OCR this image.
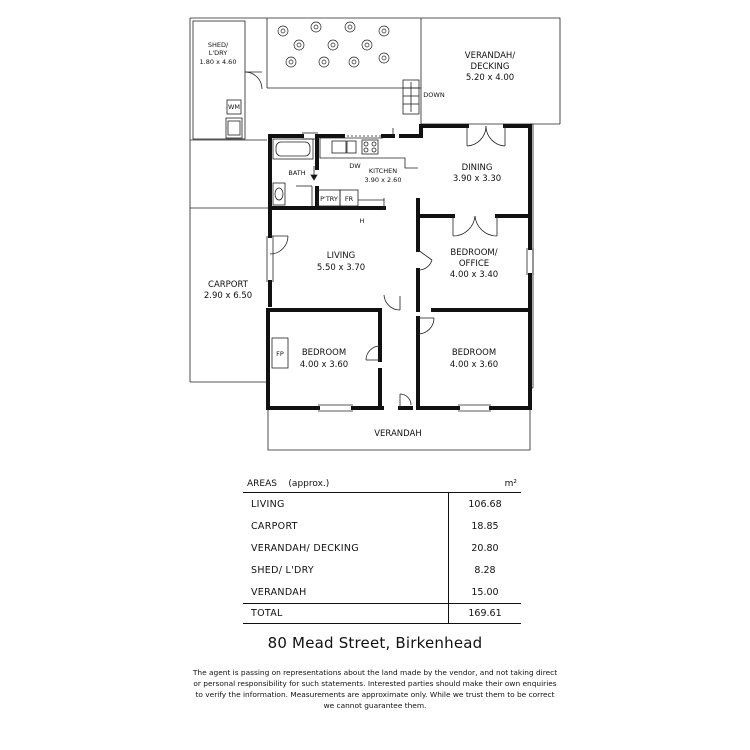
SHED/
L'DRY
1.80 x 4.60
WM
VERANDAH/
DECKING
5.20 x 4.00
DOWN
BATH
DW
KITCHEN
3.90 x 2.60
DINING
3.90 x 3.30
P'TRY FR
H
LIVING
5.50 x 3.70
BEDROOM/
OFFICE
4.00 x 3.40
CARPORT
2.90 x 6.50
FP BEDROOM
4.00 x 3.60
BEDROOM
4.00 x 3.60
VERANDAH
AREAS (approx.)	m²
LIVING	106.68
CARPORT	18.85
VERANDAH/ DECKING	20.80
SHED/ L'DRY	8.28
VERANDAH	15.00
TOTAL	169.61
80 Mead Street, Birkenhead
The agent is passing on representations about the land made by the vendor, and not taking direct or personal responsibility for such statements. Interested parties should make their own enquiries to verify the information. Measurements are approximate only. While we trust them to be correct we cannot guarantee them.
